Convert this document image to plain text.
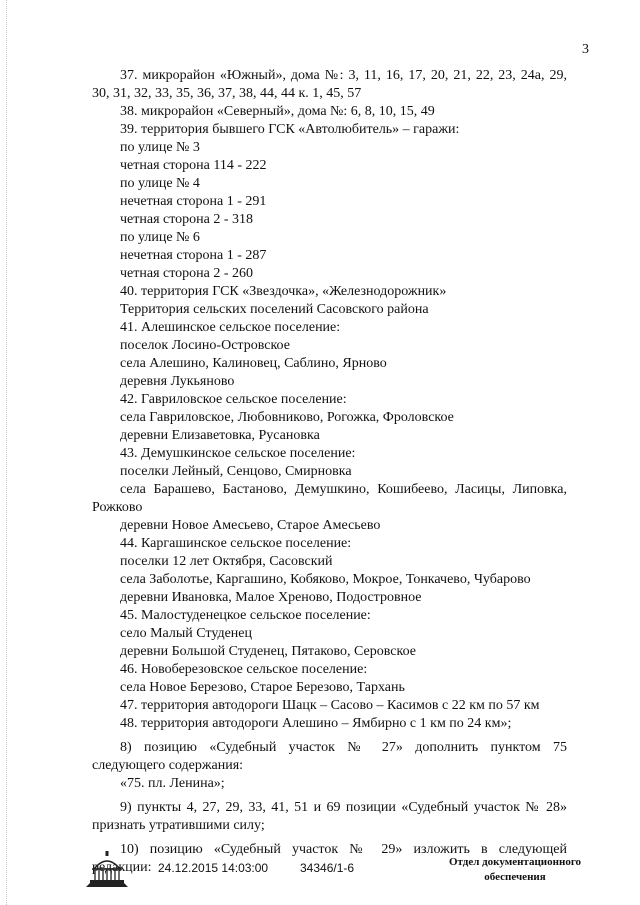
3
37. микрорайон «Южный», дома №: 3, 11, 16, 17, 20, 21, 22, 23, 24а, 29,
30, 31, 32, 33, 35, 36, 37, 38, 44, 44 к. 1, 45, 57
38. микрорайон «Северный», дома №: 6, 8, 10, 15, 49
39. территория бывшего ГСК «Автолюбитель» – гаражи:
по улице № 3
четная сторона 114 - 222
по улице № 4
нечетная сторона 1 - 291
четная сторона 2 - 318
по улице № 6
нечетная сторона 1 - 287
четная сторона 2 - 260
40. территория ГСК «Звездочка», «Железнодорожник»
Территория сельских поселений Сасовского района
41. Алешинское сельское поселение:
поселок Лосино-Островское
села Алешино, Калиновец, Саблино, Ярново
деревня Лукьяново
42. Гавриловское сельское поселение:
села Гавриловское, Любовниково, Рогожка, Фроловское
деревни Елизаветовка, Русановка
43. Демушкинское сельское поселение:
поселки Лейный, Сенцово, Смирновка
села Барашево, Бастаново, Демушкино, Кошибеево, Ласицы, Липовка,
Рожково
деревни Новое Амесьево, Старое Амесьево
44. Каргашинское сельское поселение:
поселки 12 лет Октября, Сасовский
села Заболотье, Каргашино, Кобяково, Мокрое, Тонкачево, Чубарово
деревни Ивановка, Малое Хреново, Подостровное
45. Малостуденецкое сельское поселение:
село Малый Студенец
деревни Большой Студенец, Пятаково, Серовское
46. Новоберезовское сельское поселение:
села Новое Березово, Старое Березово, Тархань
47. территория автодороги Шацк – Сасово – Касимов с 22 км по 57 км
48. территория автодороги Алешино – Ямбирно с 1 км по 24 км»;
8) позицию «Судебный участок № 27» дополнить пунктом 75
следующего содержания:
«75. пл. Ленина»;
9) пункты 4, 27, 29, 33, 41, 51 и 69 позиции «Судебный участок № 28»
признать утратившими силу;
10) позицию «Судебный участок № 29» изложить в следующей
редакции: 24.12.2015 14:03:00	34346/1-6	Отдел документационного обеспечения
